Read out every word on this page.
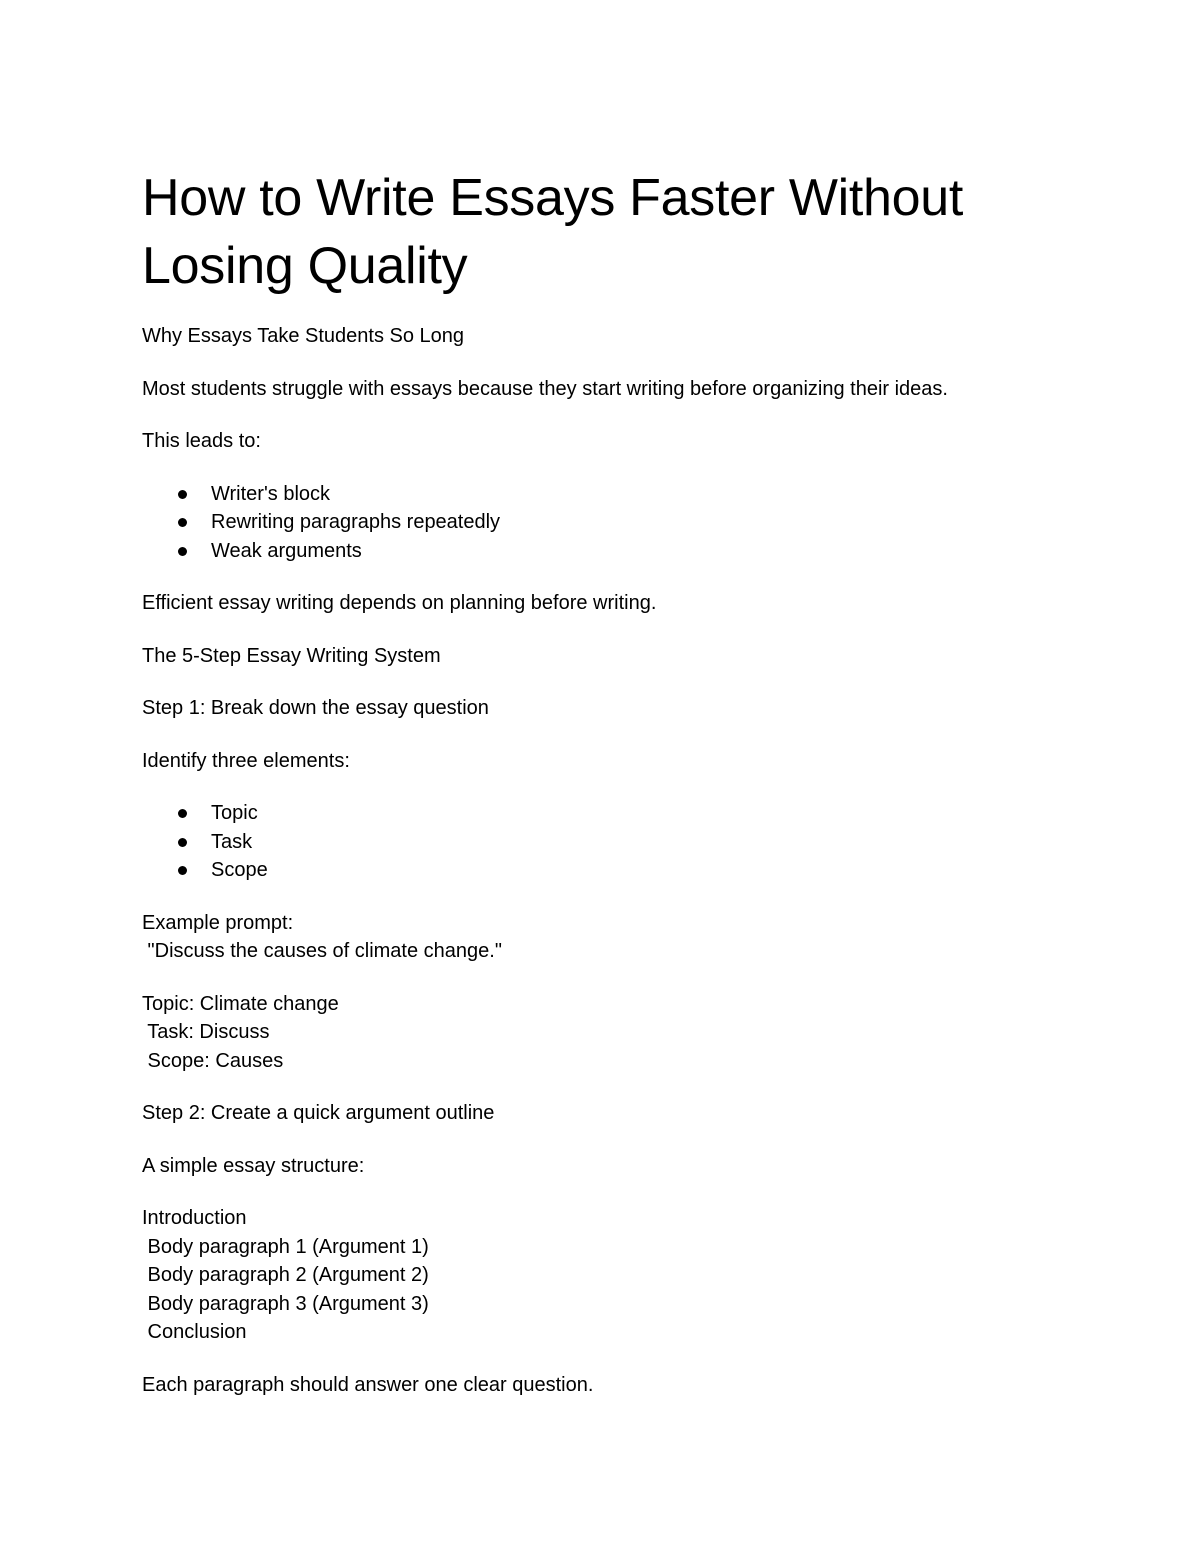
How to Write Essays Faster Without
Losing Quality

Why Essays Take Students So Long

Most students struggle with essays because they start writing before organizing their ideas.

This leads to:

Writer's block
Rewriting paragraphs repeatedly
Weak arguments

Efficient essay writing depends on planning before writing.

The 5-Step Essay Writing System

Step 1: Break down the essay question

Identify three elements:

Topic
Task
Scope

Example prompt:

"Discuss the causes of climate change."

Topic: Climate change

Task: Discuss

Scope: Causes

Step 2: Create a quick argument outline

A simple essay structure:

Introduction

Body paragraph 1 (Argument 1)

Body paragraph 2 (Argument 2)

Body paragraph 3 (Argument 3)

Conclusion

Each paragraph should answer one clear question.
